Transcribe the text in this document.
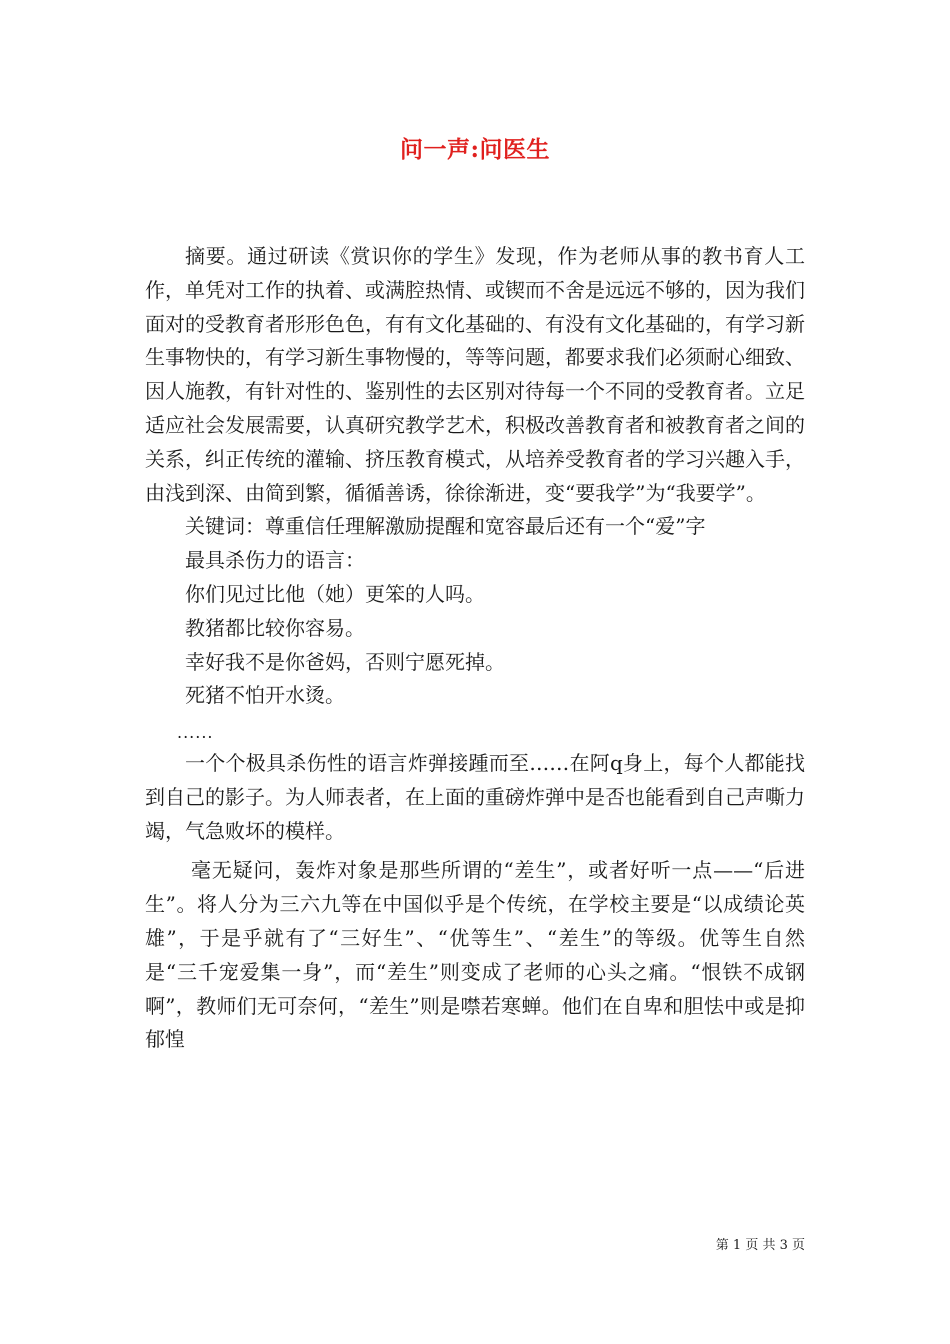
问一声:问医生

摘要。通过研读《赏识你的学生》发现，作为老师从事的教书育人工作，单凭对工作的执着、或满腔热情、或锲而不舍是远远不够的，因为我们面对的受教育者形形色色，有有文化基础的、有没有文化基础的，有学习新生事物快的，有学习新生事物慢的，等等问题，都要求我们必须耐心细致、因人施教，有针对性的、鉴别性的去区别对待每一个不同的受教育者。立足适应社会发展需要，认真研究教学艺术，积极改善教育者和被教育者之间的关系，纠正传统的灌输、挤压教育模式，从培养受教育者的学习兴趣入手，由浅到深、由简到繁，循循善诱，徐徐渐进，变“要我学”为“我要学”。

关键词：尊重信任理解激励提醒和宽容最后还有一个“爱”字

最具杀伤力的语言：

你们见过比他（她）更笨的人吗。

教猪都比较你容易。

幸好我不是你爸妈，否则宁愿死掉。

死猪不怕开水烫。

......

一个个极具杀伤性的语言炸弹接踵而至……在阿q身上，每个人都能找到自己的影子。为人师表者，在上面的重磅炸弹中是否也能看到自己声嘶力竭，气急败坏的模样。

毫无疑问，轰炸对象是那些所谓的“差生”，或者好听一点——“后进生”。将人分为三六九等在中国似乎是个传统，在学校主要是“以成绩论英雄”，于是乎就有了“三好生”、“优等生”、“差生”的等级。优等生自然是“三千宠爱集一身”，而“差生”则变成了老师的心头之痛。“恨铁不成钢啊”，教师们无可奈何，“差生”则是噤若寒蝉。他们在自卑和胆怯中或是抑郁惶

第 1 页 共 3 页
